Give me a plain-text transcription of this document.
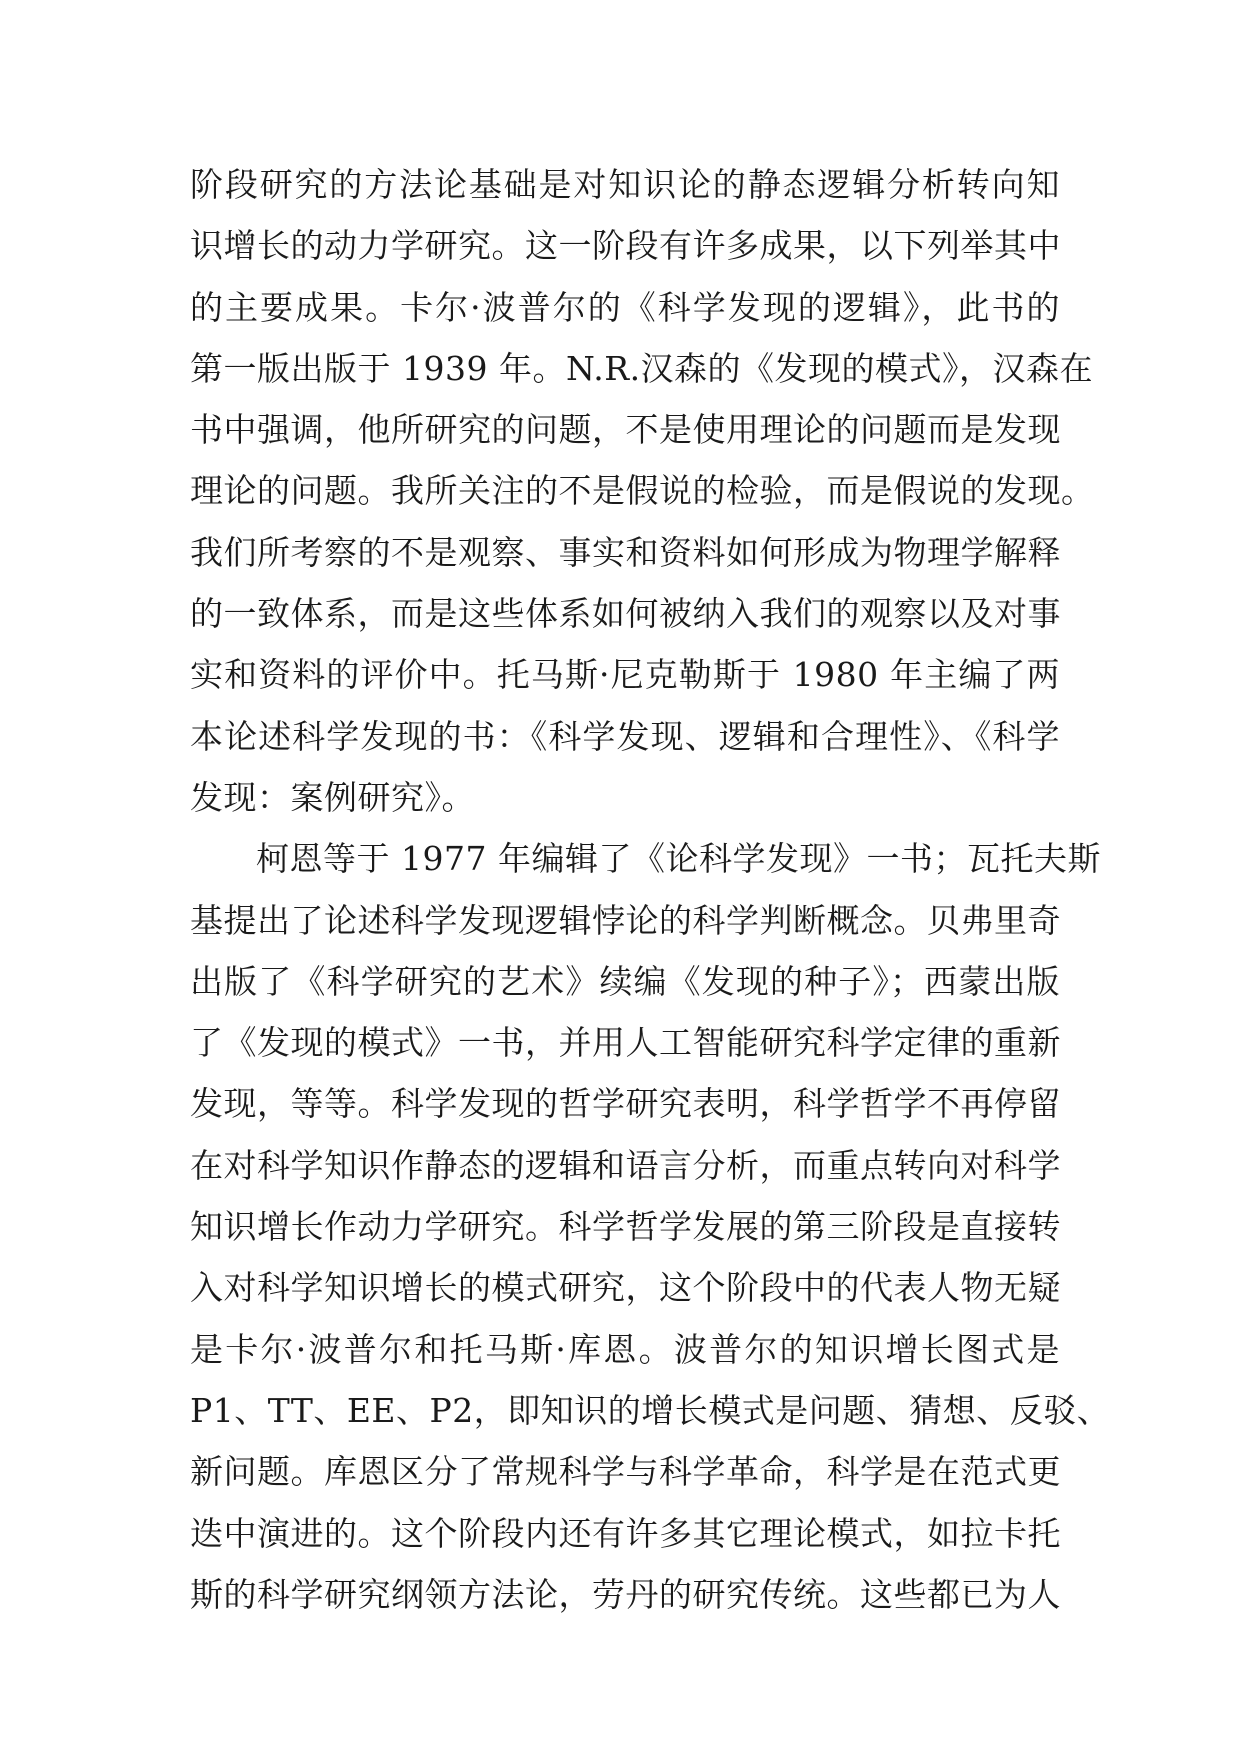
阶段研究的方法论基础是对知识论的静态逻辑分析转向知
识增长的动力学研究。这一阶段有许多成果，以下列举其中
的主要成果。卡尔·波普尔的《科学发现的逻辑》，此书的
第一版出版于 1939 年。N.R.汉森的《发现的模式》，汉森在
书中强调，他所研究的问题，不是使用理论的问题而是发现
理论的问题。我所关注的不是假说的检验，而是假说的发现。
我们所考察的不是观察、事实和资料如何形成为物理学解释
的一致体系，而是这些体系如何被纳入我们的观察以及对事
实和资料的评价中。托马斯·尼克勒斯于 1980 年主编了两
本论述科学发现的书：《科学发现、逻辑和合理性》、《科学
发现：案例研究》。
柯恩等于 1977 年编辑了《论科学发现》一书；瓦托夫斯
基提出了论述科学发现逻辑悖论的科学判断概念。贝弗里奇
出版了《科学研究的艺术》续编《发现的种子》；西蒙出版
了《发现的模式》一书，并用人工智能研究科学定律的重新
发现，等等。科学发现的哲学研究表明，科学哲学不再停留
在对科学知识作静态的逻辑和语言分析，而重点转向对科学
知识增长作动力学研究。科学哲学发展的第三阶段是直接转
入对科学知识增长的模式研究，这个阶段中的代表人物无疑
是卡尔·波普尔和托马斯·库恩。波普尔的知识增长图式是
P1、TT、EE、P2，即知识的增长模式是问题、猜想、反驳、
新问题。库恩区分了常规科学与科学革命，科学是在范式更
迭中演进的。这个阶段内还有许多其它理论模式，如拉卡托
斯的科学研究纲领方法论，劳丹的研究传统。这些都已为人
